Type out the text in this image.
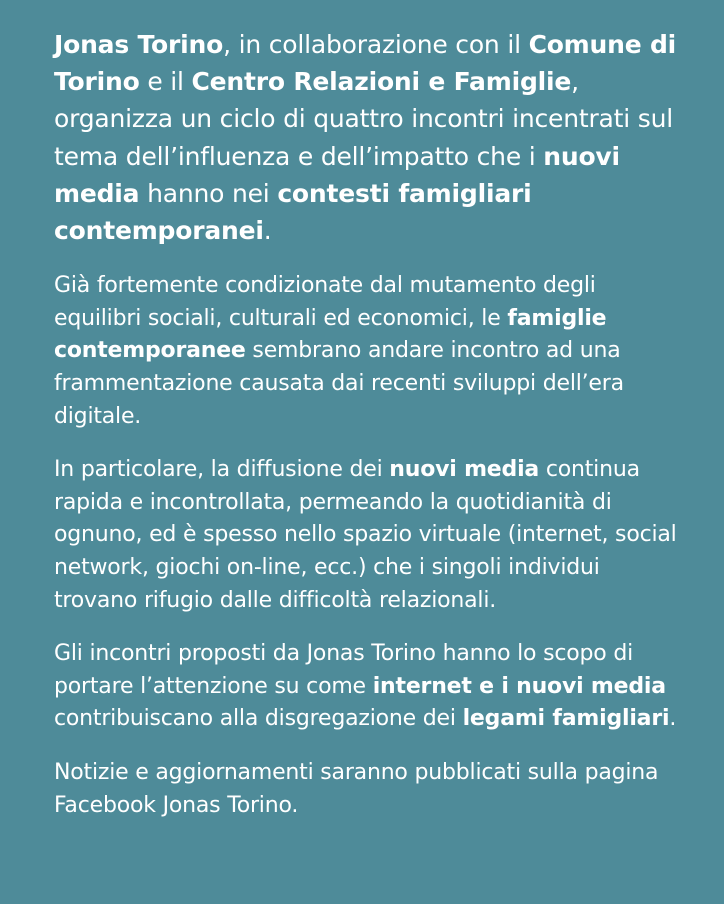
Jonas Torino, in collaborazione con il Comune di Torino e il Centro Relazioni e Famiglie, organizza un ciclo di quattro incontri incentrati sul tema dell’influenza e dell’impatto che i nuovi media hanno nei contesti famigliari contemporanei.

Già fortemente condizionate dal mutamento degli equilibri sociali, culturali ed economici, le famiglie contemporanee sembrano andare incontro ad una frammentazione causata dai recenti sviluppi dell’era digitale.

In particolare, la diffusione dei nuovi media continua rapida e incontrollata, permeando la quotidianità di ognuno, ed è spesso nello spazio virtuale (internet, social network, giochi on-line, ecc.) che i singoli individui trovano rifugio dalle difficoltà relazionali.

Gli incontri proposti da Jonas Torino hanno lo scopo di portare l’attenzione su come internet e i nuovi media contribuiscano alla disgregazione dei legami famigliari.

Notizie e aggiornamenti saranno pubblicati sulla pagina Facebook Jonas Torino.
